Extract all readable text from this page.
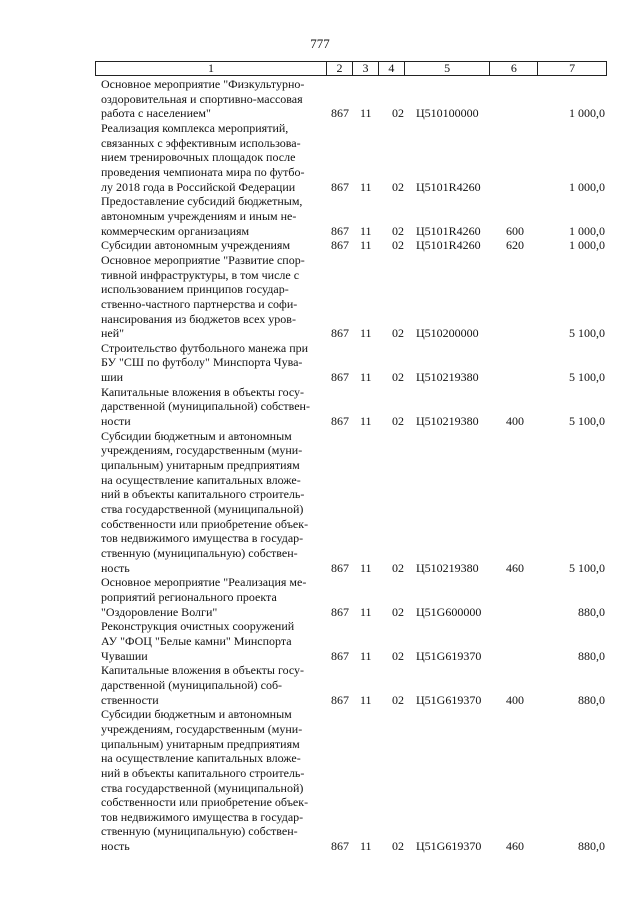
777
1	2	3	4	5	6	7
Основное мероприятие "Физкультурно-
оздоровительная и спортивно-массовая
работа с населением"	867 11 02 Ц510100000	1 000,0
Реализация комплекса мероприятий,
связанных с эффективным использова-
нием тренировочных площадок после
проведения чемпионата мира по футбо-
лу 2018 года в Российской Федерации	867 11 02 Ц5101R4260	1 000,0
Предоставление субсидий бюджетным,
автономным учреждениям и иным не-
коммерческим организациям	867 11 02 Ц5101R4260 600	1 000,0
Субсидии автономным учреждениям	867 11 02 Ц5101R4260 620	1 000,0
Основное мероприятие "Развитие спор-
тивной инфраструктуры, в том числе с
использованием принципов государ-
ственно-частного партнерства и софи-
нансирования из бюджетов всех уров-
ней"	867 11 02 Ц510200000	5 100,0
Строительство футбольного манежа при
БУ "СШ по футболу" Минспорта Чува-
шии	867 11 02 Ц510219380	5 100,0
Капитальные вложения в объекты госу-
дарственной (муниципальной) собствен-
ности	867 11 02 Ц510219380 400	5 100,0
Субсидии бюджетным и автономным
учреждениям, государственным (муни-
ципальным) унитарным предприятиям
на осуществление капитальных вложе-
ний в объекты капитального строитель-
ства государственной (муниципальной)
собственности или приобретение объек-
тов недвижимого имущества в государ-
ственную (муниципальную) собствен-
ность	867 11 02 Ц510219380 460	5 100,0
Основное мероприятие "Реализация ме-
роприятий регионального проекта
"Оздоровление Волги"	867 11 02 Ц51G600000	880,0
Реконструкция очистных сооружений
АУ "ФОЦ "Белые камни" Минспорта
Чувашии	867 11 02 Ц51G619370	880,0
Капитальные вложения в объекты госу-
дарственной (муниципальной) соб-
ственности	867 11 02 Ц51G619370 400	880,0
Субсидии бюджетным и автономным
учреждениям, государственным (муни-
ципальным) унитарным предприятиям
на осуществление капитальных вложе-
ний в объекты капитального строитель-
ства государственной (муниципальной)
собственности или приобретение объек-
тов недвижимого имущества в государ-
ственную (муниципальную) собствен-
ность	867 11 02 Ц51G619370 460	880,0
